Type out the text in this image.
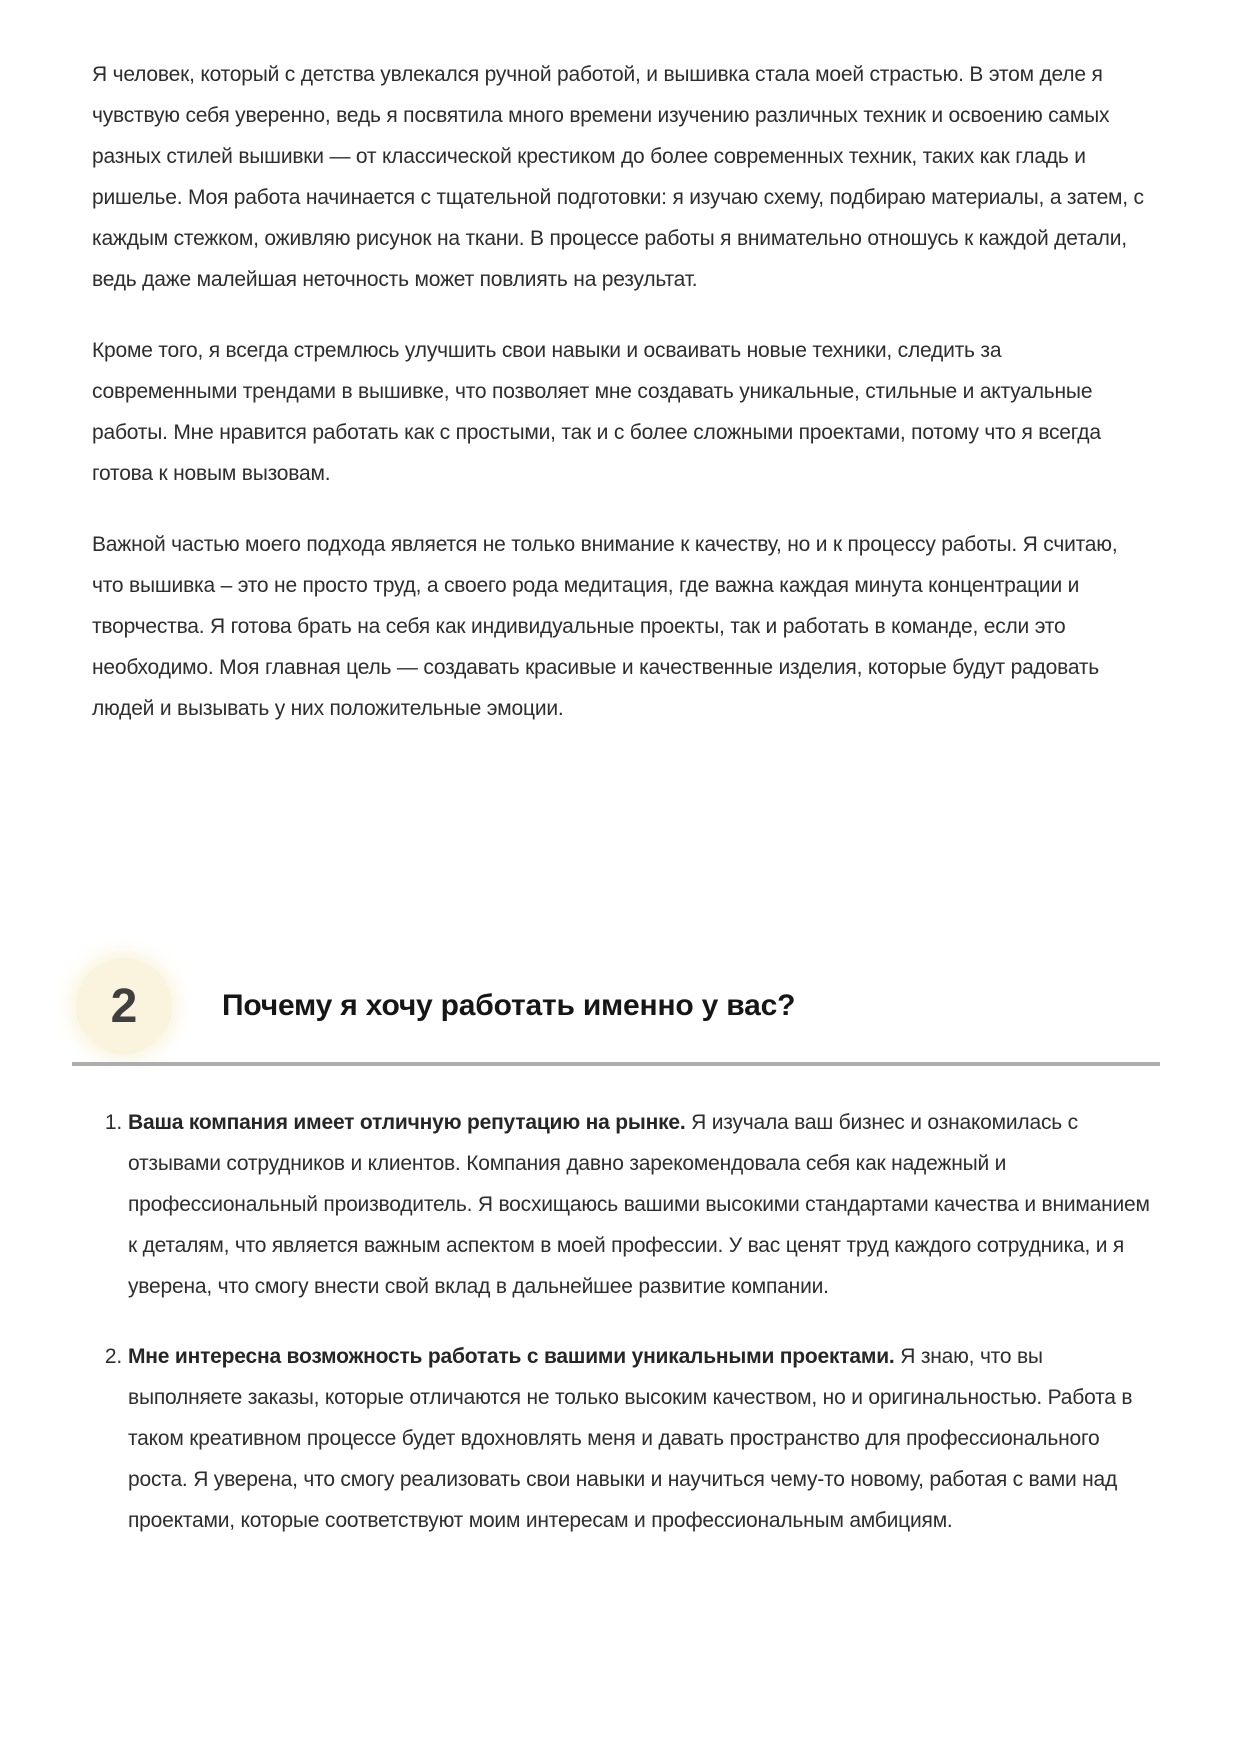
Я человек, который с детства увлекался ручной работой, и вышивка стала моей страстью. В этом деле я чувствую себя уверенно, ведь я посвятила много времени изучению различных техник и освоению самых разных стилей вышивки — от классической крестиком до более современных техник, таких как гладь и ришелье. Моя работа начинается с тщательной подготовки: я изучаю схему, подбираю материалы, а затем, с каждым стежком, оживляю рисунок на ткани. В процессе работы я внимательно отношусь к каждой детали, ведь даже малейшая неточность может повлиять на результат.

Кроме того, я всегда стремлюсь улучшить свои навыки и осваивать новые техники, следить за современными трендами в вышивке, что позволяет мне создавать уникальные, стильные и актуальные работы. Мне нравится работать как с простыми, так и с более сложными проектами, потому что я всегда готова к новым вызовам.

Важной частью моего подхода является не только внимание к качеству, но и к процессу работы. Я считаю, что вышивка – это не просто труд, а своего рода медитация, где важна каждая минута концентрации и творчества. Я готова брать на себя как индивидуальные проекты, так и работать в команде, если это необходимо. Моя главная цель — создавать красивые и качественные изделия, которые будут радовать людей и вызывать у них положительные эмоции.

2	Почему я хочу работать именно у вас?
1. Ваша компания имеет отличную репутацию на рынке. Я изучала ваш бизнес и ознакомилась с отзывами сотрудников и клиентов. Компания давно зарекомендовала себя как надежный и профессиональный производитель. Я восхищаюсь вашими высокими стандартами качества и вниманием к деталям, что является важным аспектом в моей профессии. У вас ценят труд каждого сотрудника, и я уверена, что смогу внести свой вклад в дальнейшее развитие компании.
2. Мне интересна возможность работать с вашими уникальными проектами. Я знаю, что вы выполняете заказы, которые отличаются не только высоким качеством, но и оригинальностью. Работа в таком креативном процессе будет вдохновлять меня и давать пространство для профессионального роста. Я уверена, что смогу реализовать свои навыки и научиться чему-то новому, работая с вами над проектами, которые соответствуют моим интересам и профессиональным амбициям.
